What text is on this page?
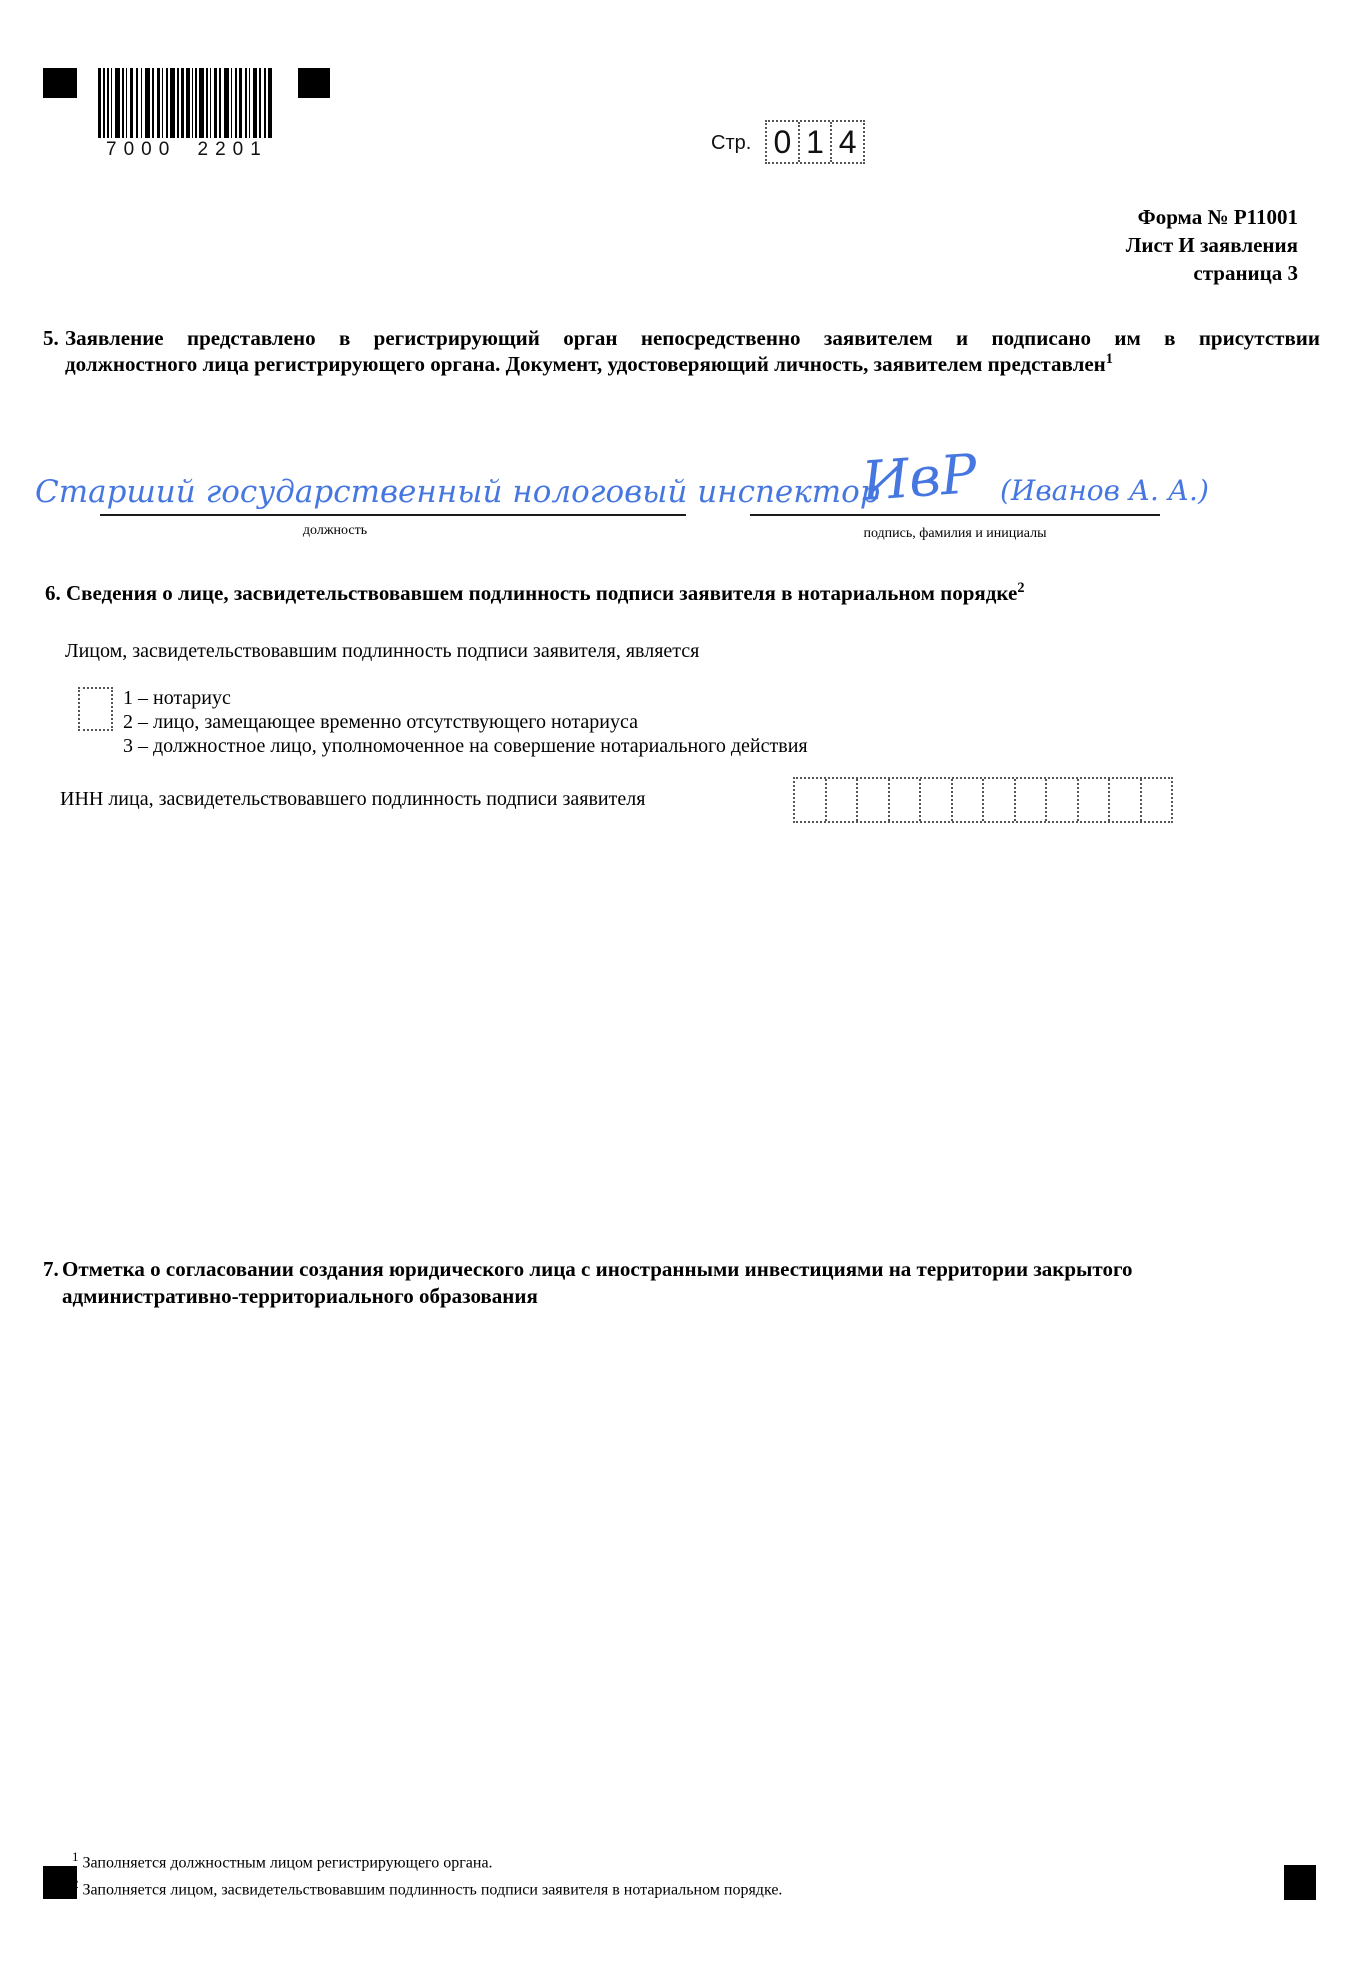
7000 2201	Стр. 0 1 4
Форма № Р11001
Лист И заявления
страница 3
5. Заявление представлено в регистрирующий орган непосредственно заявителем и подписано им в присутствии
должностного лица регистрирующего органа. Документ, удостоверяющий личность, заявителем представлен$^1$
Старший государственный нологовый инспектор
должность
ИвР (Иванов А. А.)
подпись, фамилия и инициалы
6. Сведения о лице, засвидетельствовавшем подлинность подписи заявителя в нотариальном порядке$^2$
Лицом, засвидетельствовавшим подлинность подписи заявителя, является
1 – нотариус
2 – лицо, замещающее временно отсутствующего нотариуса
3 – должностное лицо, уполномоченное на совершение нотариального действия
ИНН лица, засвидетельствовавшего подлинность подписи заявителя
7. Отметка о согласовании создания юридического лица с иностранными инвестициями на территории закрытого
административно-территориального образования
$^1$ Заполняется должностным лицом регистрирующего органа.
$^2$ Заполняется лицом, засвидетельствовавшим подлинность подписи заявителя в нотариальном порядке.
